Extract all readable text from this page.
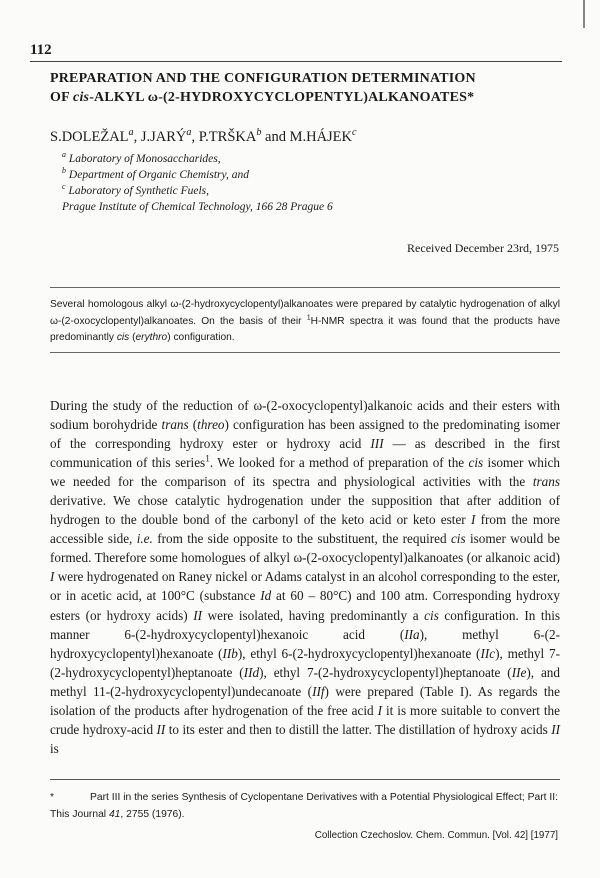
112
PREPARATION AND THE CONFIGURATION DETERMINATION
OF cis-ALKYL ω-(2-HYDROXYCYCLOPENTYL)ALKANOATES*
S.DOLEŽAL$^a$, J.JARÝ$^a$, P.TRŠKA$^b$ and M.HÁJEK$^c$
$^a$ Laboratory of Monosaccharides,
$^b$ Department of Organic Chemistry, and
$^c$ Laboratory of Synthetic Fuels,
Prague Institute of Chemical Technology, 166 28 Prague 6
Received December 23rd, 1975
Several homologous alkyl ω-(2-hydroxycyclopentyl)alkanoates were prepared by catalytic hydrogenation of alkyl ω-(2-oxocyclopentyl)alkanoates. On the basis of their $^1$H-NMR spectra it was found that the products have predominantly cis (erythro) configuration.
During the study of the reduction of ω-(2-oxocyclopentyl)alkanoic acids and their esters with sodium borohydride trans (threo) configuration has been assigned to the predominating isomer of the corresponding hydroxy ester or hydroxy acid III — as described in the first communication of this series$^1$. We looked for a method of preparation of the cis isomer which we needed for the comparison of its spectra and physiological activities with the trans derivative. We chose catalytic hydrogenation under the supposition that after addition of hydrogen to the double bond of the carbonyl of the keto acid or keto ester I from the more accessible side, i.e. from the side opposite to the substituent, the required cis isomer would be formed. Therefore some homologues of alkyl ω-(2-oxocyclopentyl)alkanoates (or alkanoic acid) I were hydrogenated on Raney nickel or Adams catalyst in an alcohol corresponding to the ester, or in acetic acid, at 100°C (substance Id at 60 – 80°C) and 100 atm. Corresponding hydroxy esters (or hydroxy acids) II were isolated, having predominantly a cis configuration. In this manner 6-(2-hydroxycyclopentyl)hexanoic acid (IIa), methyl 6-(2-hydroxycyclopentyl)hexanoate (IIb), ethyl 6-(2-hydroxycyclopentyl)hexanoate (IIc), methyl 7-(2-hydroxycyclopentyl)heptanoate (IId), ethyl 7-(2-hydroxycyclopentyl)heptanoate (IIe), and methyl 11-(2-hydroxycyclopentyl)undecanoate (IIf) were prepared (Table I). As regards the isolation of the products after hydrogenation of the free acid I it is more suitable to convert the crude hydroxy-acid II to its ester and then to distill the latter. The distillation of hydroxy acids II is
*	Part III in the series Synthesis of Cyclopentane Derivatives with a Potential Physiological Effect; Part II: This Journal 41, 2755 (1976).
Collection Czechoslov. Chem. Commun. [Vol. 42] [1977]
